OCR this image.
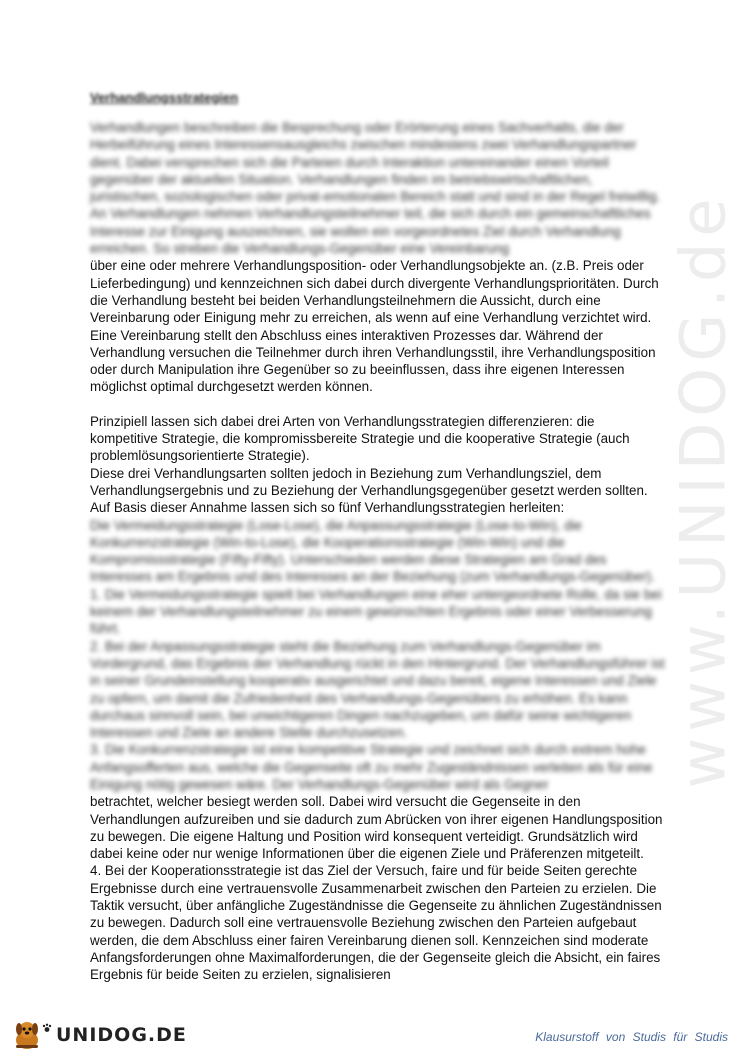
www.UNIDOG.de
Verhandlungsstrategien
Verhandlungen beschreiben die Besprechung oder Erörterung eines Sachverhalts, die der Herbeiführung eines Interessensausgleichs zwischen mindestens zwei Verhandlungspartner dient. Dabei versprechen sich die Parteien durch Interaktion untereinander einen Vorteil gegenüber der aktuellen Situation. Verhandlungen finden im betriebswirtschaftlichen, juristischen, soziologischen oder privat-emotionalen Bereich statt und sind in der Regel freiwillig.
An Verhandlungen nehmen Verhandlungsteilnehmer teil, die sich durch ein gemeinschaftliches Interesse zur Einigung auszeichnen, sie wollen ein vorgeordnetes Ziel durch Verhandlung erreichen. So streben die Verhandlungs-Gegenüber eine Vereinbarung
über eine oder mehrere Verhandlungsposition- oder Verhandlungsobjekte an. (z.B. Preis oder Lieferbedingung) und kennzeichnen sich dabei durch divergente Verhandlungsprioritäten. Durch die Verhandlung besteht bei beiden Verhandlungsteilnehmern die Aussicht, durch eine Vereinbarung oder Einigung mehr zu erreichen, als wenn auf eine Verhandlung verzichtet wird.
Eine Vereinbarung stellt den Abschluss eines interaktiven Prozesses dar. Während der Verhandlung versuchen die Teilnehmer durch ihren Verhandlungsstil, ihre Verhandlungsposition oder durch Manipulation ihre Gegenüber so zu beeinflussen, dass ihre eigenen Interessen möglichst optimal durchgesetzt werden können.
Prinzipiell lassen sich dabei drei Arten von Verhandlungsstrategien differenzieren: die kompetitive Strategie, die kompromissbereite Strategie und die kooperative Strategie (auch problemlösungsorientierte Strategie).
Diese drei Verhandlungsarten sollten jedoch in Beziehung zum Verhandlungsziel, dem Verhandlungsergebnis und zu Beziehung der Verhandlungsgegenüber gesetzt werden sollten. Auf Basis dieser Annahme lassen sich so fünf Verhandlungsstrategien herleiten:
Die Vermeidungsstrategie (Lose-Lose), die Anpassungsstrategie (Lose-to-Win), die Konkurrenzstrategie (Win-to-Lose), die Kooperationsstrategie (Win-Win) und die Kompromissstrategie (Fifty-Fifty). Unterschieden werden diese Strategien am Grad des Interesses am Ergebnis und des Interesses an der Beziehung (zum Verhandlungs-Gegenüber).
1. Die Vermeidungsstrategie spielt bei Verhandlungen eine eher untergeordnete Rolle, da sie bei keinem der Verhandlungsteilnehmer zu einem gewünschten Ergebnis oder einer Verbesserung führt.
2. Bei der Anpassungsstrategie steht die Beziehung zum Verhandlungs-Gegenüber im Vordergrund, das Ergebnis der Verhandlung rückt in den Hintergrund. Der Verhandlungsführer ist in seiner Grundeinstellung kooperativ ausgerichtet und dazu bereit, eigene Interessen und Ziele zu opfern, um damit die Zufriedenheit des Verhandlungs-Gegenübers zu erhöhen. Es kann durchaus sinnvoll sein, bei unwichtigeren Dingen nachzugeben, um dafür seine wichtigeren Interessen und Ziele an andere Stelle durchzusetzen.
3. Die Konkurrenzstrategie ist eine kompetitive Strategie und zeichnet sich durch extrem hohe Anfangsofferten aus, welche die Gegenseite oft zu mehr Zugeständnissen verleiten als für eine Einigung nötig gewesen wäre. Der Verhandlungs-Gegenüber wird als Gegner
betrachtet, welcher besiegt werden soll. Dabei wird versucht die Gegenseite in den Verhandlungen aufzureiben und sie dadurch zum Abrücken von ihrer eigenen Handlungsposition zu bewegen. Die eigene Haltung und Position wird konsequent verteidigt. Grundsätzlich wird dabei keine oder nur wenige Informationen über die eigenen Ziele und Präferenzen mitgeteilt.
4. Bei der Kooperationsstrategie ist das Ziel der Versuch, faire und für beide Seiten gerechte Ergebnisse durch eine vertrauensvolle Zusammenarbeit zwischen den Parteien zu erzielen. Die Taktik versucht, über anfängliche Zugeständnisse die Gegenseite zu ähnlichen Zugeständnissen zu bewegen. Dadurch soll eine vertrauensvolle Beziehung zwischen den Parteien aufgebaut werden, die dem Abschluss einer fairen Vereinbarung dienen soll. Kennzeichen sind moderate Anfangsforderungen ohne Maximalforderungen, die der Gegenseite gleich die Absicht, ein faires Ergebnis für beide Seiten zu erzielen, signalisieren
UNIDOG.DE	Klausurstoff von Studis für Studis
